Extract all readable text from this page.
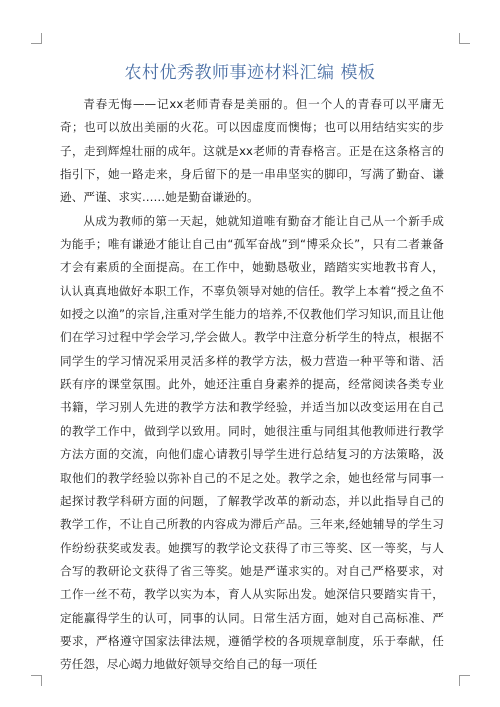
农村优秀教师事迹材料汇编 模板

青春无悔——记xx老师青春是美丽的。但一个人的青春可以平庸无奇；也可以放出美丽的火花。可以因虚度而懊悔；也可以用结结实实的步子，走到辉煌壮丽的成年。这就是xx老师的青春格言。正是在这条格言的指引下，她一路走来，身后留下的是一串串坚实的脚印，写满了勤奋、谦逊、严谨、求实……她是勤奋谦逊的。

从成为教师的第一天起，她就知道唯有勤奋才能让自己从一个新手成为能手；唯有谦逊才能让自己由“孤军奋战”到“博采众长”，只有二者兼备才会有素质的全面提高。在工作中，她勤恳敬业，踏踏实实地教书育人，认认真真地做好本职工作，不辜负领导对她的信任。教学上本着“授之鱼不如授之以渔”的宗旨,注重对学生能力的培养,不仅教他们学习知识,而且让他们在学习过程中学会学习,学会做人。教学中注意分析学生的特点，根据不同学生的学习情况采用灵活多样的教学方法，极力营造一种平等和谐、活跃有序的课堂氛围。此外，她还注重自身素养的提高，经常阅读各类专业书籍，学习别人先进的教学方法和教学经验，并适当加以改变运用在自己的教学工作中，做到学以致用。同时，她很注重与同组其他教师进行教学方法方面的交流，向他们虚心请教引导学生进行总结复习的方法策略，汲取他们的教学经验以弥补自己的不足之处。教学之余，她也经常与同事一起探讨教学科研方面的问题，了解教学改革的新动态，并以此指导自己的教学工作，不让自己所教的内容成为滞后产品。三年来,经她辅导的学生习作纷纷获奖或发表。她撰写的教学论文获得了市三等奖、区一等奖，与人合写的教研论文获得了省三等奖。她是严谨求实的。对自己严格要求，对工作一丝不苟，教学以实为本，育人从实际出发。她深信只要踏实肯干，定能赢得学生的认可，同事的认同。日常生活方面，她对自己高标准、严要求，严格遵守国家法律法规，遵循学校的各项规章制度，乐于奉献，任劳任怨，尽心竭力地做好领导交给自己的每一项任
